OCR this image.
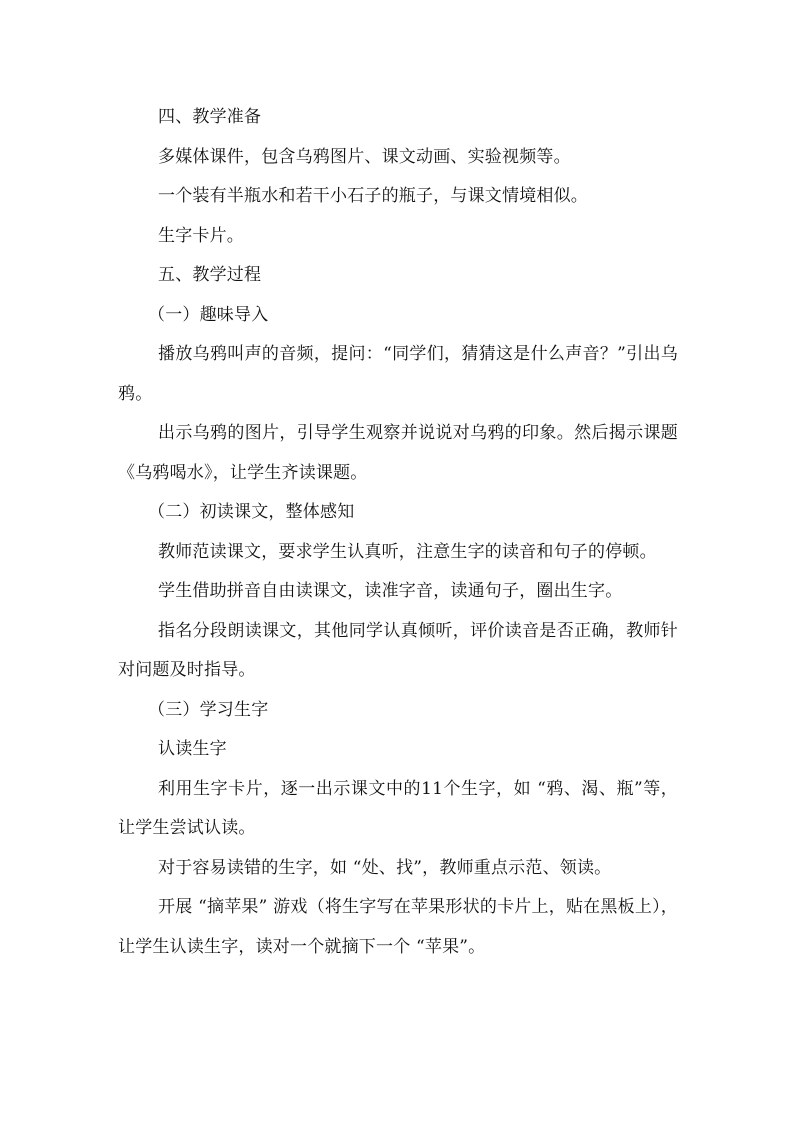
四、教学准备

多媒体课件，包含乌鸦图片、课文动画、实验视频等。

一个装有半瓶水和若干小石子的瓶子，与课文情境相似。

生字卡片。

五、教学过程

（一）趣味导入

播放乌鸦叫声的音频，提问：“同学们，猜猜这是什么声音？”引出乌鸦。

出示乌鸦的图片，引导学生观察并说说对乌鸦的印象。然后揭示课题《乌鸦喝水》，让学生齐读课题。

（二）初读课文，整体感知

教师范读课文，要求学生认真听，注意生字的读音和句子的停顿。

学生借助拼音自由读课文，读准字音，读通句子，圈出生字。

指名分段朗读课文，其他同学认真倾听，评价读音是否正确，教师针对问题及时指导。

（三）学习生字

认读生字

利用生字卡片，逐一出示课文中的11个生字，如 “鸦、渴、瓶”等，让学生尝试认读。

对于容易读错的生字，如 “处、找”，教师重点示范、领读。

开展 “摘苹果” 游戏（将生字写在苹果形状的卡片上，贴在黑板上），让学生认读生字，读对一个就摘下一个 “苹果”。
